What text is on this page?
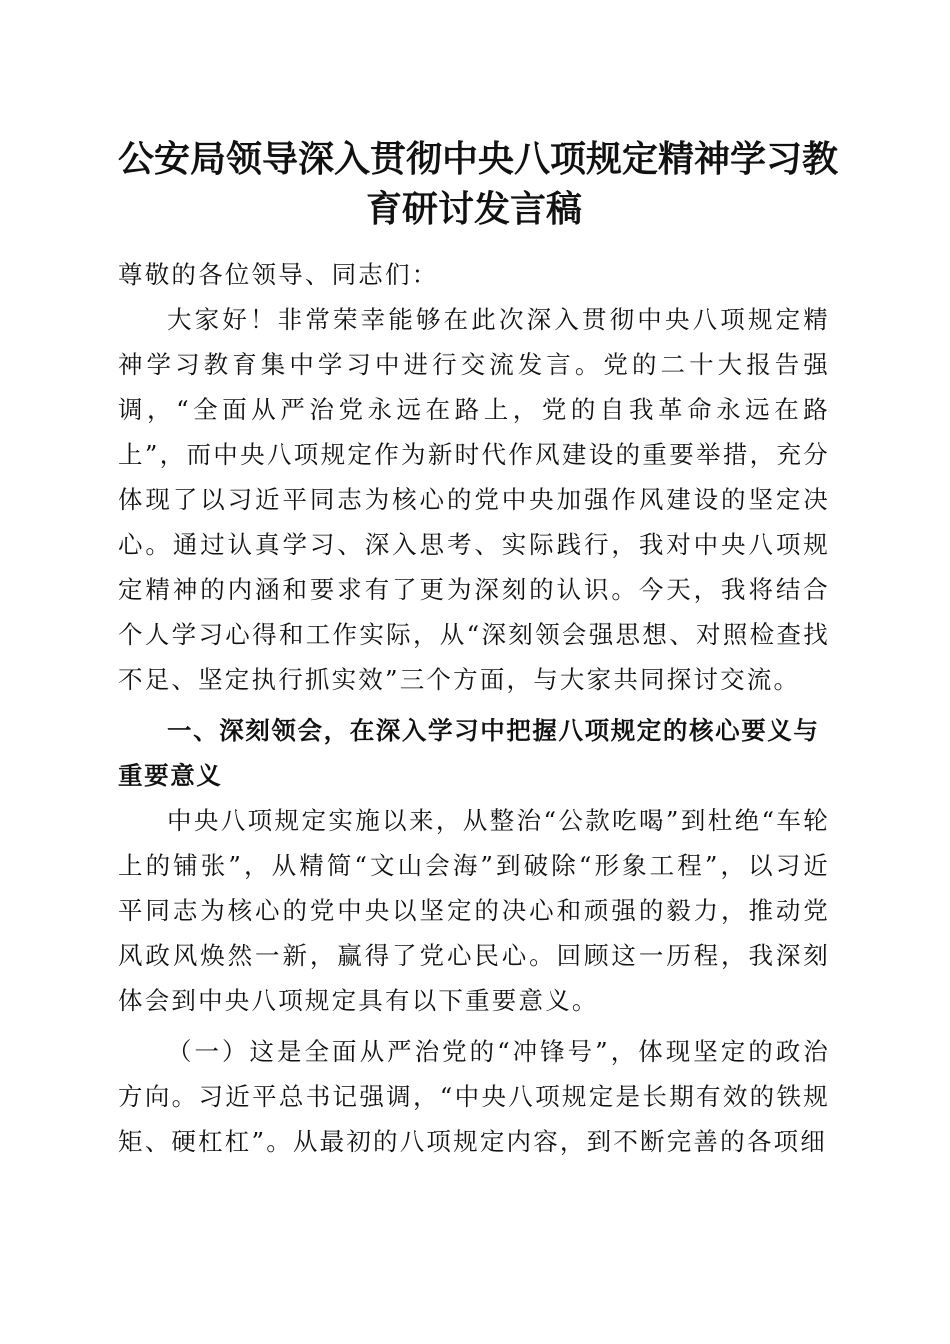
公安局领导深入贯彻中央八项规定精神学习教
育研讨发言稿

尊敬的各位领导、同志们：

大家好！非常荣幸能够在此次深入贯彻中央八项规定精神学习教育集中学习中进行交流发言。党的二十大报告强调，“全面从严治党永远在路上，党的自我革命永远在路上”，而中央八项规定作为新时代作风建设的重要举措，充分体现了以习近平同志为核心的党中央加强作风建设的坚定决心。通过认真学习、深入思考、实际践行，我对中央八项规定精神的内涵和要求有了更为深刻的认识。今天，我将结合个人学习心得和工作实际，从“深刻领会强思想、对照检查找不足、坚定执行抓实效”三个方面，与大家共同探讨交流。

一、深刻领会，在深入学习中把握八项规定的核心要义与重要意义

中央八项规定实施以来，从整治“公款吃喝”到杜绝“车轮上的铺张”，从精简“文山会海”到破除“形象工程”，以习近平同志为核心的党中央以坚定的决心和顽强的毅力，推动党风政风焕然一新，赢得了党心民心。回顾这一历程，我深刻体会到中央八项规定具有以下重要意义。

（一）这是全面从严治党的“冲锋号”，体现坚定的政治方向。习近平总书记强调，“中央八项规定是长期有效的铁规矩、硬杠杠”。从最初的八项规定内容，到不断完善的各项细
